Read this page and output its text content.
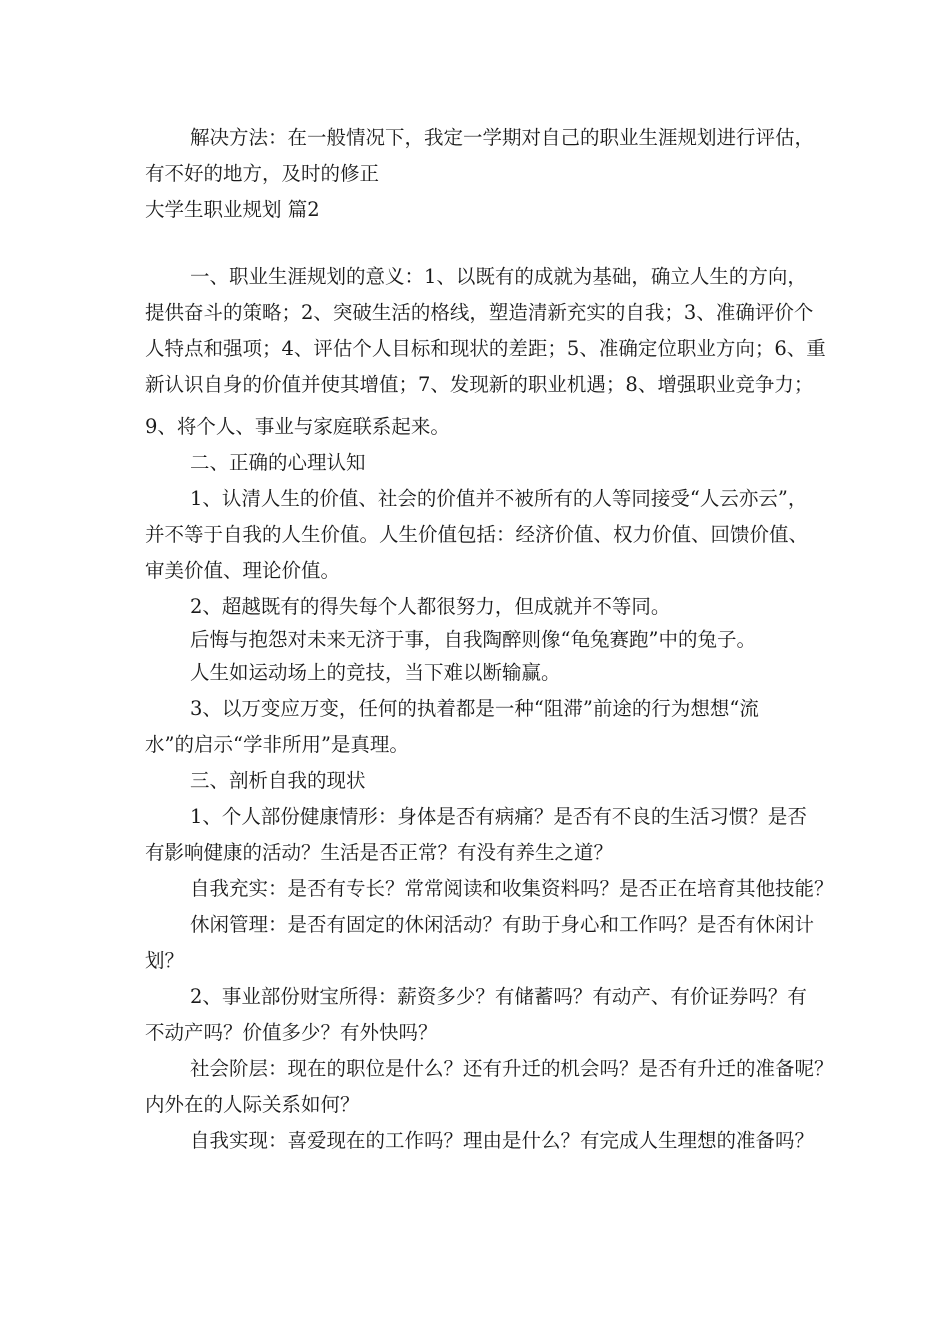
解决方法：在一般情况下，我定一学期对自己的职业生涯规划进行评估，
有不好的地方，及时的修正
大学生职业规划 篇2
一、职业生涯规划的意义：1、以既有的成就为基础，确立人生的方向，
提供奋斗的策略；2、突破生活的格线，塑造清新充实的自我；3、准确评价个
人特点和强项；4、评估个人目标和现状的差距；5、准确定位职业方向；6、重
新认识自身的价值并使其增值；7、发现新的职业机遇；8、增强职业竞争力；
9、将个人、事业与家庭联系起来。
二、正确的心理认知
1、认清人生的价值、社会的价值并不被所有的人等同接受“人云亦云”，
并不等于自我的人生价值。人生价值包括：经济价值、权力价值、回馈价值、
审美价值、理论价值。
2、超越既有的得失每个人都很努力，但成就并不等同。
后悔与抱怨对未来无济于事，自我陶醉则像“龟兔赛跑”中的兔子。
人生如运动场上的竞技，当下难以断输赢。
3、以万变应万变，任何的执着都是一种“阻滞”前途的行为想想“流
水”的启示“学非所用”是真理。
三、剖析自我的现状
1、个人部份健康情形：身体是否有病痛？是否有不良的生活习惯？是否
有影响健康的活动？生活是否正常？有没有养生之道？
自我充实：是否有专长？常常阅读和收集资料吗？是否正在培育其他技能？
休闲管理：是否有固定的休闲活动？有助于身心和工作吗？是否有休闲计
划？
2、事业部份财宝所得：薪资多少？有储蓄吗？有动产、有价证券吗？有
不动产吗？价值多少？有外快吗？
社会阶层：现在的职位是什么？还有升迁的机会吗？是否有升迁的准备呢？
内外在的人际关系如何？
自我实现：喜爱现在的工作吗？理由是什么？有完成人生理想的准备吗？
